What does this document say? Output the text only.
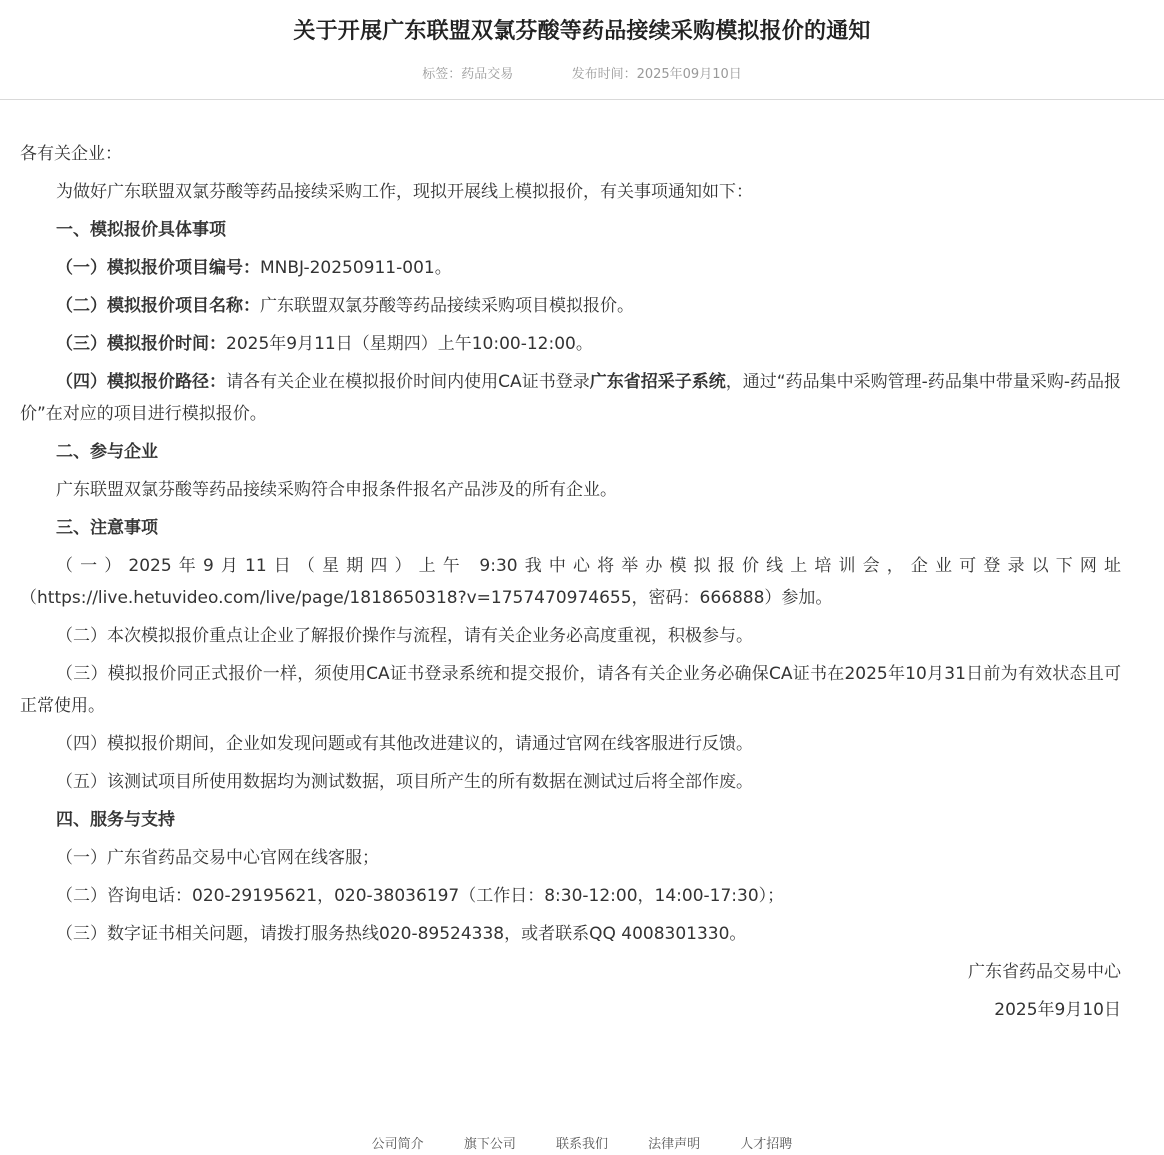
关于开展广东联盟双氯芬酸等药品接续采购模拟报价的通知
标签：药品交易	发布时间：2025年09月10日

各有关企业：

为做好广东联盟双氯芬酸等药品接续采购工作，现拟开展线上模拟报价，有关事项通知如下：

一、模拟报价具体事项

（一）模拟报价项目编号：MNBJ-20250911-001。

（二）模拟报价项目名称：广东联盟双氯芬酸等药品接续采购项目模拟报价。

（三）模拟报价时间：2025年9月11日（星期四）上午10:00-12:00。

（四）模拟报价路径：请各有关企业在模拟报价时间内使用CA证书登录广东省招采子系统，通过“药品集中采购管理-药品集中带量采购-药品报价”在对应的项目进行模拟报价。

二、参与企业

广东联盟双氯芬酸等药品接续采购符合申报条件报名产品涉及的所有企业。

三、注意事项

（一）2025年9月11日（星期四）上午 9:30我中心将举办模拟报价线上培训会，企业可登录以下网址（https://live.hetuvideo.com/live/page/1818650318?v=1757470974655，密码：666888）参加。

（二）本次模拟报价重点让企业了解报价操作与流程，请有关企业务必高度重视，积极参与。

（三）模拟报价同正式报价一样，须使用CA证书登录系统和提交报价，请各有关企业务必确保CA证书在2025年10月31日前为有效状态且可正常使用。

（四）模拟报价期间，企业如发现问题或有其他改进建议的，请通过官网在线客服进行反馈。

（五）该测试项目所使用数据均为测试数据，项目所产生的所有数据在测试过后将全部作废。

四、服务与支持

（一）广东省药品交易中心官网在线客服；

（二）咨询电话：020-29195621，020-38036197（工作日：8:30-12:00，14:00-17:30）；

（三）数字证书相关问题，请拨打服务热线020-89524338，或者联系QQ 4008301330。

广东省药品交易中心

2025年9月10日

公司简介	旗下公司	联系我们	法律声明	人才招聘
